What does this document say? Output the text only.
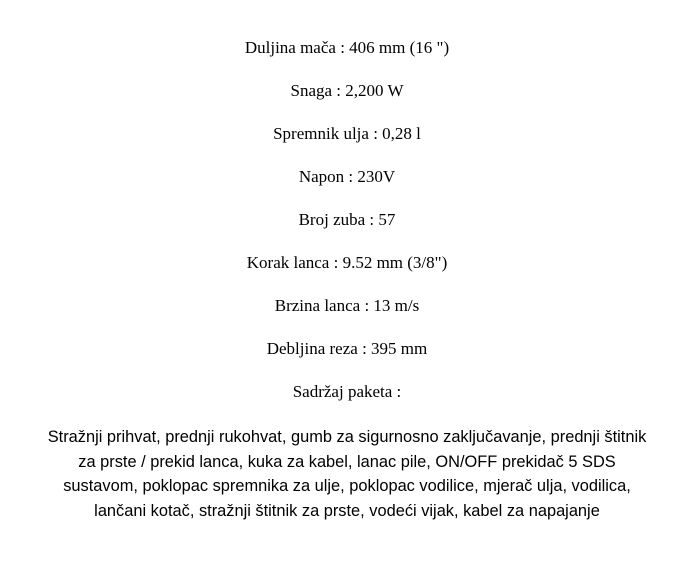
Duljina mača : 406 mm (16 ")
Snaga : 2,200 W
Spremnik ulja : 0,28 l
Napon : 230V
Broj zuba : 57
Korak lanca : 9.52 mm (3/8")
Brzina lanca : 13 m/s
Debljina reza : 395 mm
Sadržaj paketa :
Stražnji prihvat, prednji rukohvat, gumb za sigurnosno zaključavanje, prednji štitnik za prste / prekid lanca, kuka za kabel, lanac pile, ON/OFF prekidač 5 SDS sustavom, poklopac spremnika za ulje, poklopac vodilice, mjerač ulja, vodilica, lančani kotač, stražnji štitnik za prste, vodeći vijak, kabel za napajanje
